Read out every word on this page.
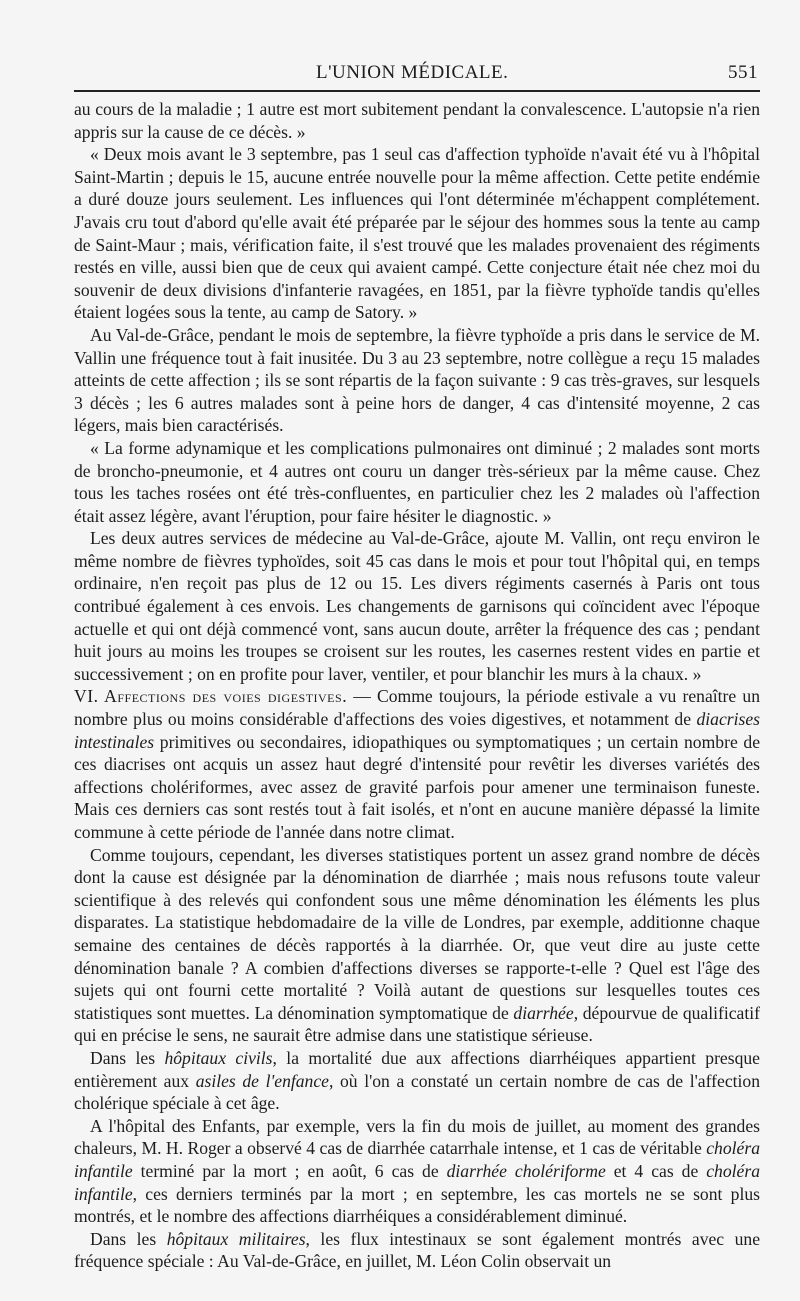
L'UNION MÉDICALE.	551

au cours de la maladie ; 1 autre est mort subitement pendant la convalescence. L'autopsie n'a rien appris sur la cause de ce décès. »

« Deux mois avant le 3 septembre, pas 1 seul cas d'affection typhoïde n'avait été vu à l'hôpital Saint-Martin ; depuis le 15, aucune entrée nouvelle pour la même affection. Cette petite endémie a duré douze jours seulement. Les influences qui l'ont déterminée m'échappent complétement. J'avais cru tout d'abord qu'elle avait été préparée par le séjour des hommes sous la tente au camp de Saint-Maur ; mais, vérification faite, il s'est trouvé que les malades provenaient des régiments restés en ville, aussi bien que de ceux qui avaient campé. Cette conjecture était née chez moi du souvenir de deux divisions d'infanterie ravagées, en 1851, par la fièvre typhoïde tandis qu'elles étaient logées sous la tente, au camp de Satory. »

Au Val-de-Grâce, pendant le mois de septembre, la fièvre typhoïde a pris dans le service de M. Vallin une fréquence tout à fait inusitée. Du 3 au 23 septembre, notre collègue a reçu 15 malades atteints de cette affection ; ils se sont répartis de la façon suivante : 9 cas très-graves, sur lesquels 3 décès ; les 6 autres malades sont à peine hors de danger, 4 cas d'intensité moyenne, 2 cas légers, mais bien caractérisés.

« La forme adynamique et les complications pulmonaires ont diminué ; 2 malades sont morts de broncho-pneumonie, et 4 autres ont couru un danger très-sérieux par la même cause. Chez tous les taches rosées ont été très-confluentes, en particulier chez les 2 malades où l'affection était assez légère, avant l'éruption, pour faire hésiter le diagnostic. »

Les deux autres services de médecine au Val-de-Grâce, ajoute M. Vallin, ont reçu environ le même nombre de fièvres typhoïdes, soit 45 cas dans le mois et pour tout l'hôpital qui, en temps ordinaire, n'en reçoit pas plus de 12 ou 15. Les divers régiments casernés à Paris ont tous contribué également à ces envois. Les changements de garnisons qui coïncident avec l'époque actuelle et qui ont déjà commencé vont, sans aucun doute, arrêter la fréquence des cas ; pendant huit jours au moins les troupes se croisent sur les routes, les casernes restent vides en partie et successivement ; on en profite pour laver, ventiler, et pour blanchir les murs à la chaux. »

VI. Affections des voies digestives. — Comme toujours, la période estivale a vu renaître un nombre plus ou moins considérable d'affections des voies digestives, et notamment de diacrises intestinales primitives ou secondaires, idiopathiques ou symptomatiques ; un certain nombre de ces diacrises ont acquis un assez haut degré d'intensité pour revêtir les diverses variétés des affections cholériformes, avec assez de gravité parfois pour amener une terminaison funeste. Mais ces derniers cas sont restés tout à fait isolés, et n'ont en aucune manière dépassé la limite commune à cette période de l'année dans notre climat.

Comme toujours, cependant, les diverses statistiques portent un assez grand nombre de décès dont la cause est désignée par la dénomination de diarrhée ; mais nous refusons toute valeur scientifique à des relevés qui confondent sous une même dénomination les éléments les plus disparates. La statistique hebdomadaire de la ville de Londres, par exemple, additionne chaque semaine des centaines de décès rapportés à la diarrhée. Or, que veut dire au juste cette dénomination banale ? A combien d'affections diverses se rapporte-t-elle ? Quel est l'âge des sujets qui ont fourni cette mortalité ? Voilà autant de questions sur lesquelles toutes ces statistiques sont muettes. La dénomination symptomatique de diarrhée, dépourvue de qualificatif qui en précise le sens, ne saurait être admise dans une statistique sérieuse.

Dans les hôpitaux civils, la mortalité due aux affections diarrhéiques appartient presque entièrement aux asiles de l'enfance, où l'on a constaté un certain nombre de cas de l'affection cholérique spéciale à cet âge.

A l'hôpital des Enfants, par exemple, vers la fin du mois de juillet, au moment des grandes chaleurs, M. H. Roger a observé 4 cas de diarrhée catarrhale intense, et 1 cas de véritable choléra infantile terminé par la mort ; en août, 6 cas de diarrhée cholériforme et 4 cas de choléra infantile, ces derniers terminés par la mort ; en septembre, les cas mortels ne se sont plus montrés, et le nombre des affections diarrhéiques a considérablement diminué.

Dans les hôpitaux militaires, les flux intestinaux se sont également montrés avec une fréquence spéciale : Au Val-de-Grâce, en juillet, M. Léon Colin observait un
